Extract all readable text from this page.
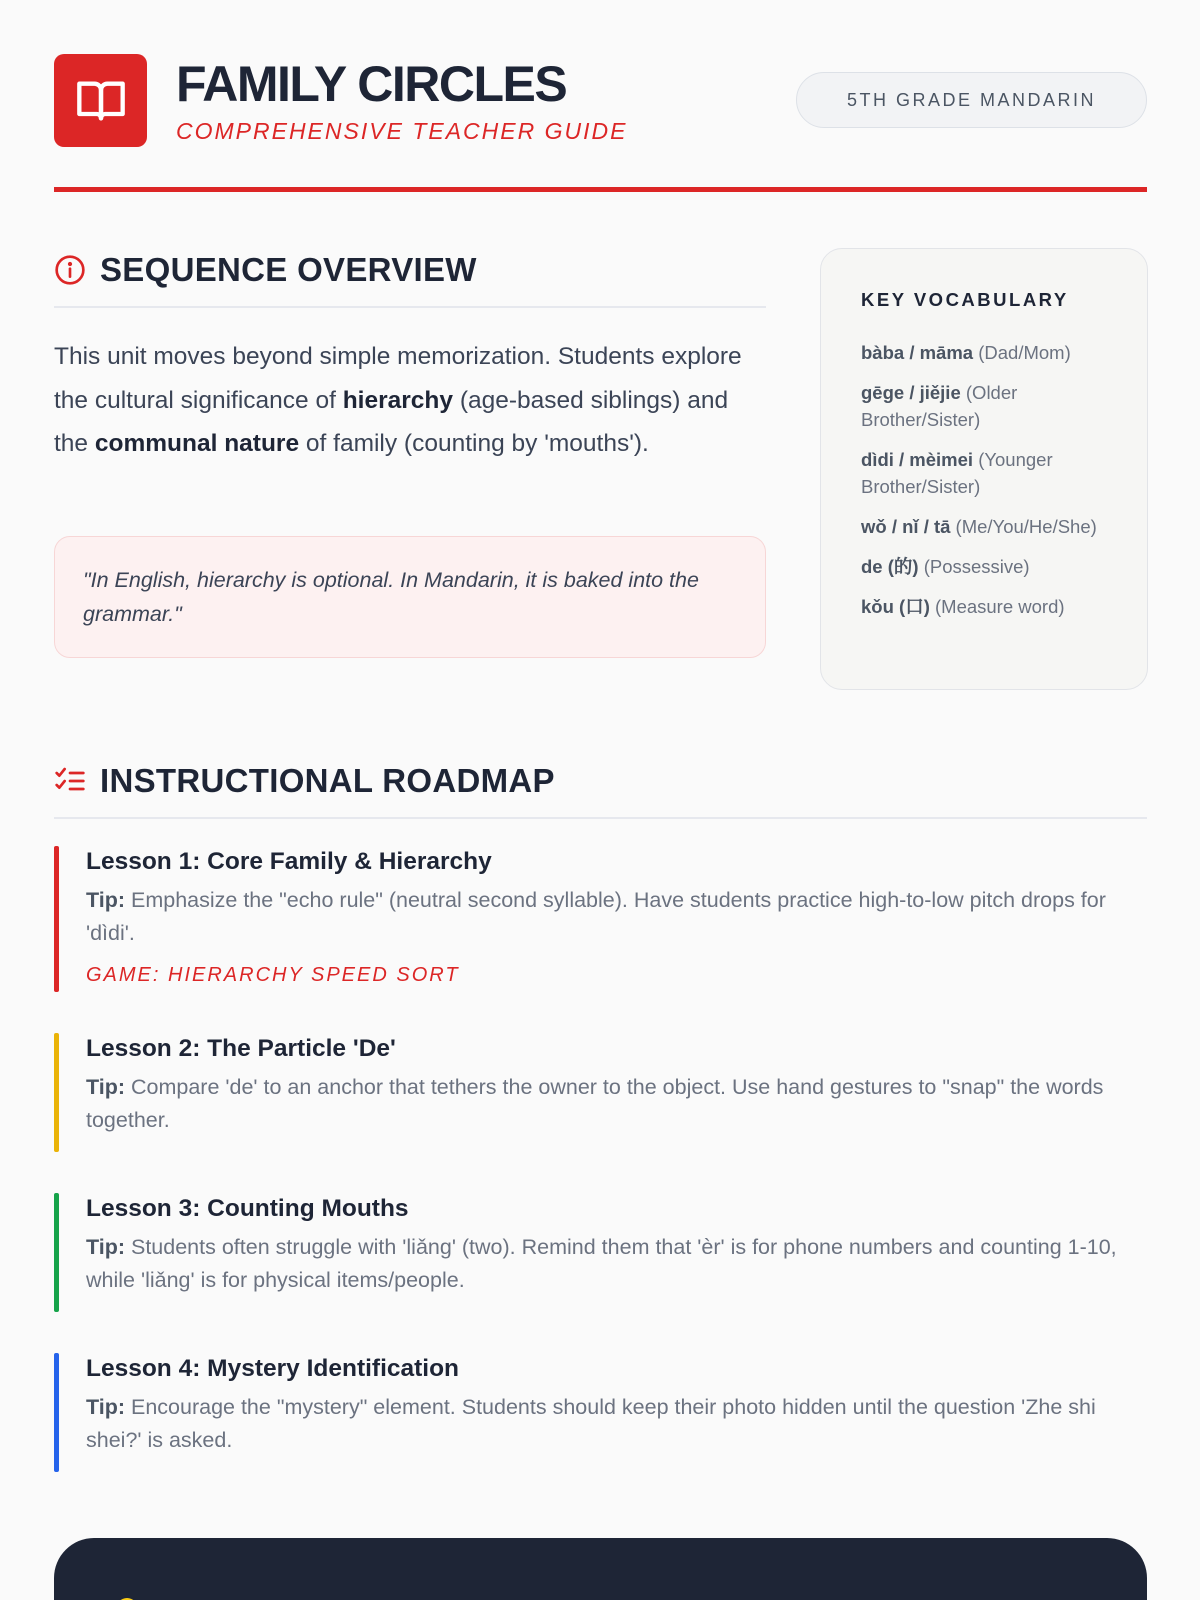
FAMILY CIRCLES
COMPREHENSIVE TEACHER GUIDE
5TH GRADE MANDARIN
SEQUENCE OVERVIEW
This unit moves beyond simple memorization. Students explore the cultural significance of hierarchy (age-based siblings) and the communal nature of family (counting by 'mouths').
"In English, hierarchy is optional. In Mandarin, it is baked into the grammar."
KEY VOCABULARY
bàba / māma (Dad/Mom)
gēge / jiějie (Older Brother/Sister)
dìdi / mèimei (Younger Brother/Sister)
wǒ / nǐ / tā (Me/You/He/She)
de (的) (Possessive)
kǒu (口) (Measure word)
INSTRUCTIONAL ROADMAP
Lesson 1: Core Family & Hierarchy
Tip: Emphasize the "echo rule" (neutral second syllable). Have students practice high-to-low pitch drops for 'dìdi'.
GAME: HIERARCHY SPEED SORT
Lesson 2: The Particle 'De'
Tip: Compare 'de' to an anchor that tethers the owner to the object. Use hand gestures to "snap" the words together.
Lesson 3: Counting Mouths
Tip: Students often struggle with 'liǎng' (two). Remind them that 'èr' is for phone numbers and counting 1-10, while 'liǎng' is for physical items/people.
Lesson 4: Mystery Identification
Tip: Encourage the "mystery" element. Students should keep their photo hidden until the question 'Zhe shi shei?' is asked.
